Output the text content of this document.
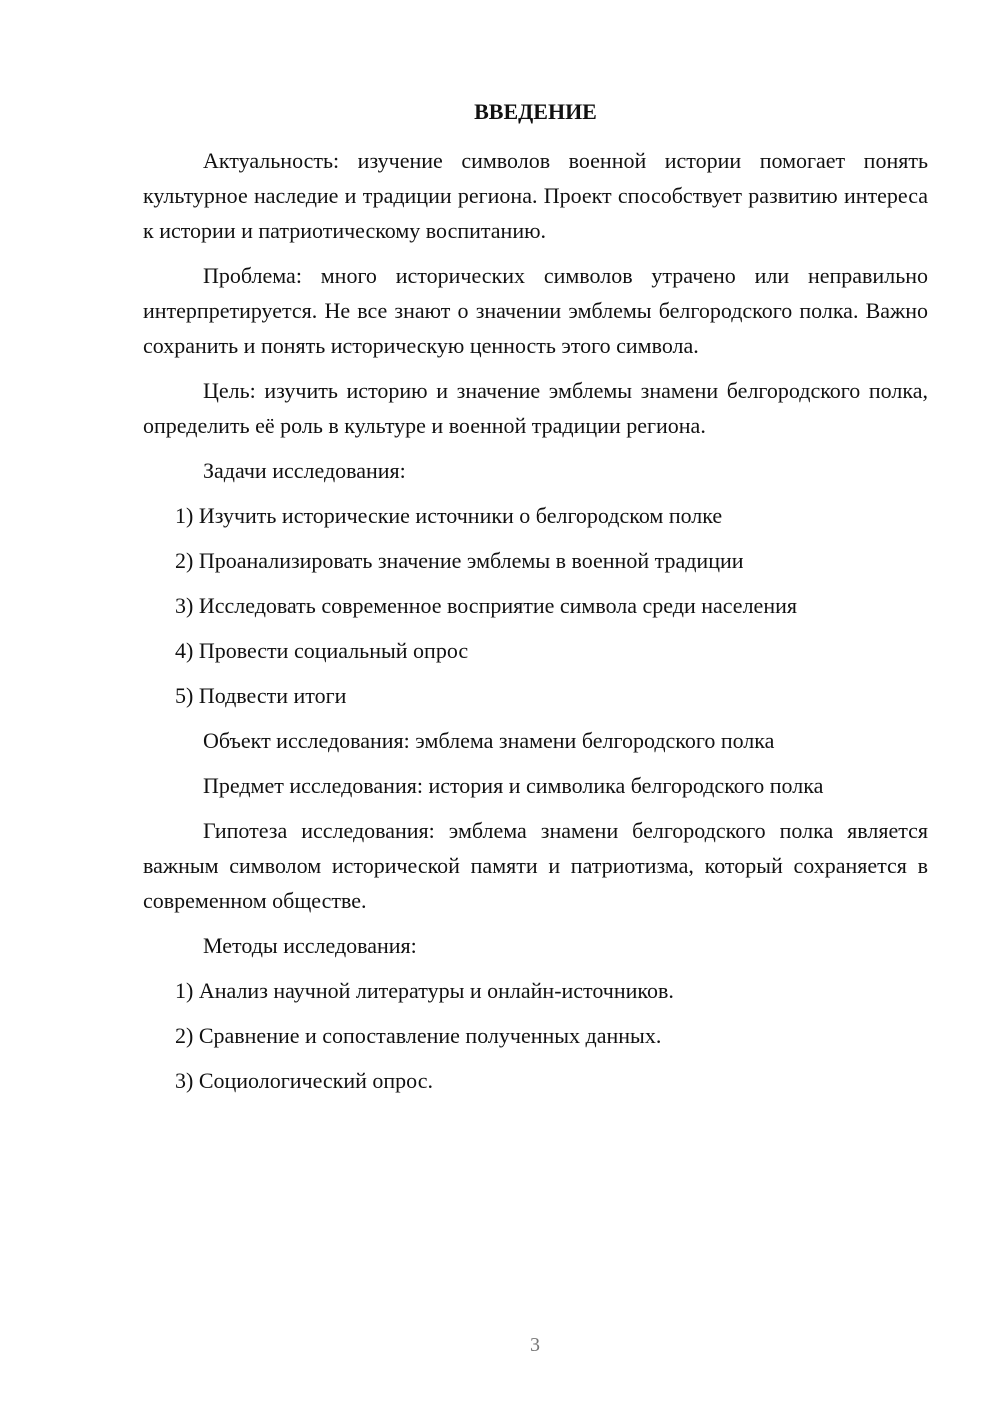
ВВЕДЕНИЕ

Актуальность: изучение символов военной истории помогает понять культурное наследие и традиции региона. Проект способствует развитию интереса к истории и патриотическому воспитанию.

Проблема: много исторических символов утрачено или неправильно интерпретируется. Не все знают о значении эмблемы белгородского полка. Важно сохранить и понять историческую ценность этого символа.

Цель: изучить историю и значение эмблемы знамени белгородского полка, определить её роль в культуре и военной традиции региона.

Задачи исследования:

1) Изучить исторические источники о белгородском полке
2) Проанализировать значение эмблемы в военной традиции
3) Исследовать современное восприятие символа среди населения
4) Провести социальный опрос
5) Подвести итоги

Объект исследования: эмблема знамени белгородского полка

Предмет исследования: история и символика белгородского полка

Гипотеза исследования: эмблема знамени белгородского полка является важным символом исторической памяти и патриотизма, который сохраняется в современном обществе.

Методы исследования:

1) Анализ научной литературы и онлайн-источников.
2) Сравнение и сопоставление полученных данных.
3) Социологический опрос.
3
